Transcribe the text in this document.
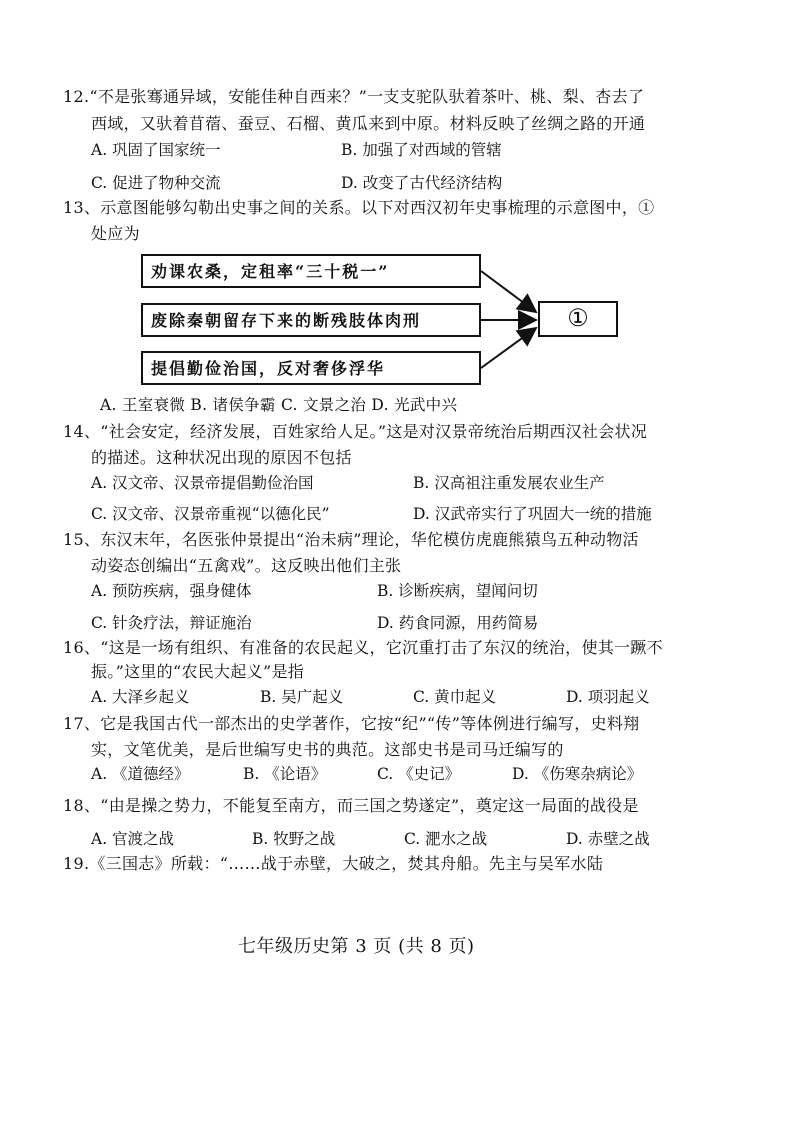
12.“不是张骞通异域，安能佳种自西来？”一支支驼队驮着茶叶、桃、梨、杏去了
西域，又驮着苜蓿、蚕豆、石榴、黄瓜来到中原。材料反映了丝绸之路的开通
A. 巩固了国家统一	B. 加强了对西域的管辖
C. 促进了物种交流	D. 改变了古代经济结构
13、示意图能够勾勒出史事之间的关系。以下对西汉初年史事梳理的示意图中，①
处应为
劝课农桑，定租率“三十税一”
废除秦朝留存下来的断残肢体肉刑
提倡勤俭治国，反对奢侈浮华
①
A. 王室衰微 B. 诸侯争霸 C. 文景之治 D. 光武中兴
14、“社会安定，经济发展，百姓家给人足。”这是对汉景帝统治后期西汉社会状况
的描述。这种状况出现的原因不包括
A. 汉文帝、汉景帝提倡勤俭治国	B. 汉高祖注重发展农业生产
C. 汉文帝、汉景帝重视“以德化民”	D. 汉武帝实行了巩固大一统的措施
15、东汉末年，名医张仲景提出“治未病”理论，华佗模仿虎鹿熊猿鸟五种动物活
动姿态创编出“五禽戏”。这反映出他们主张
A. 预防疾病，强身健体	B. 诊断疾病，望闻问切
C. 针灸疗法，辩证施治	D. 药食同源，用药简易
16、“这是一场有组织、有准备的农民起义，它沉重打击了东汉的统治，使其一蹶不
振。”这里的“农民大起义”是指
A. 大泽乡起义	B. 吴广起义	C. 黄巾起义	D. 项羽起义
17、它是我国古代一部杰出的史学著作，它按“纪”“传”等体例进行编写，史料翔
实，文笔优美，是后世编写史书的典范。这部史书是司马迁编写的
A. 《道德经》	B. 《论语》	C. 《史记》	D. 《伤寒杂病论》
18、“由是操之势力，不能复至南方，而三国之势遂定”，奠定这一局面的战役是
A. 官渡之战	B. 牧野之战	C. 淝水之战	D. 赤壁之战
19.《三国志》所载：“……战于赤壁，大破之，焚其舟船。先主与吴军水陆
七年级历史第 3 页 (共 8 页)
